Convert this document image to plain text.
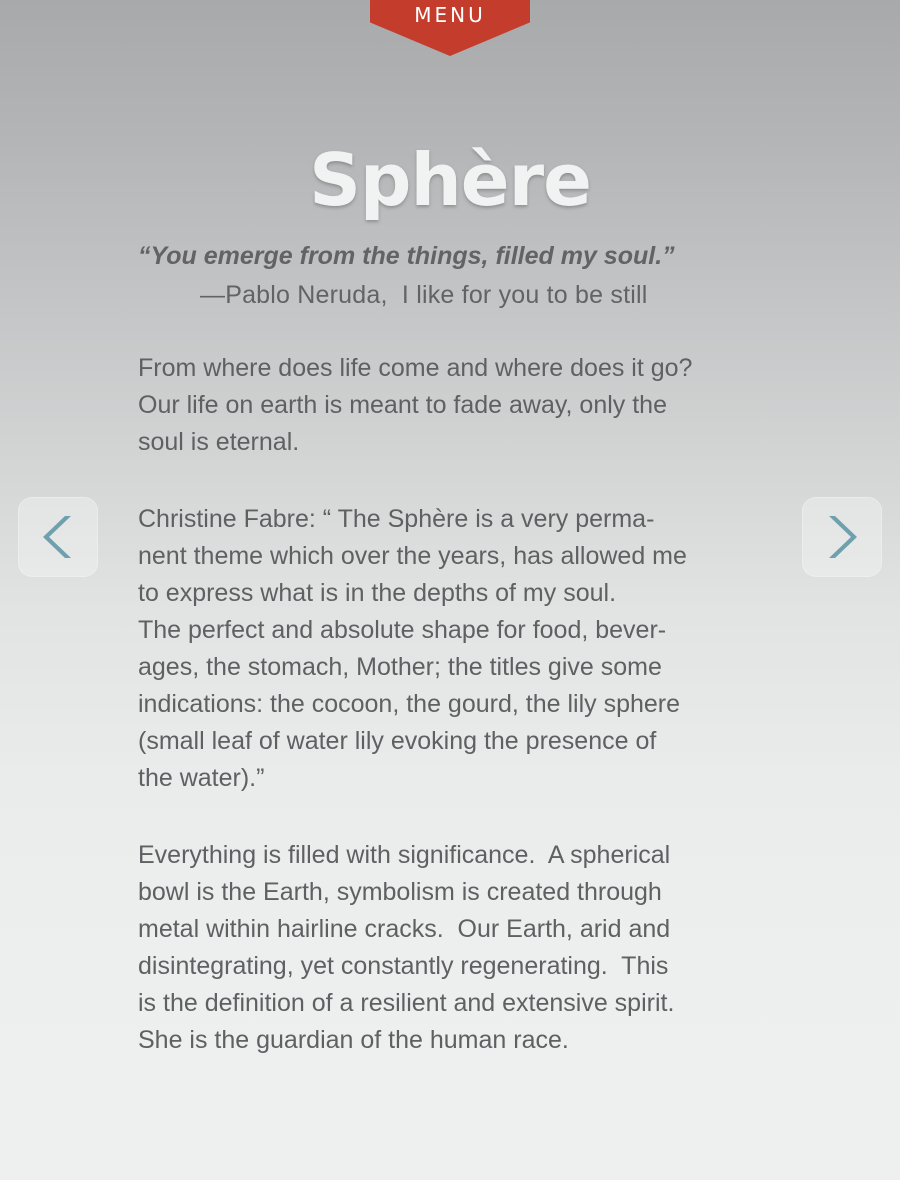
MENU
Sphère
“You emerge from the things, filled my soul.”
—Pablo Neruda,  I like for you to be still
From where does life come and where does it go?
Our life on earth is meant to fade away, only the
soul is eternal.
Christine Fabre: “ The Sphère is a very perma-
nent theme which over the years, has allowed me
to express what is in the depths of my soul.
The perfect and absolute shape for food, bever-
ages, the stomach, Mother; the titles give some
indications: the cocoon, the gourd, the lily sphere
(small leaf of water lily evoking the presence of
the water).”
Everything is filled with significance.  A spherical
bowl is the Earth, symbolism is created through
metal within hairline cracks.  Our Earth, arid and
disintegrating, yet constantly regenerating.  This
is the definition of a resilient and extensive spirit.
She is the guardian of the human race.
